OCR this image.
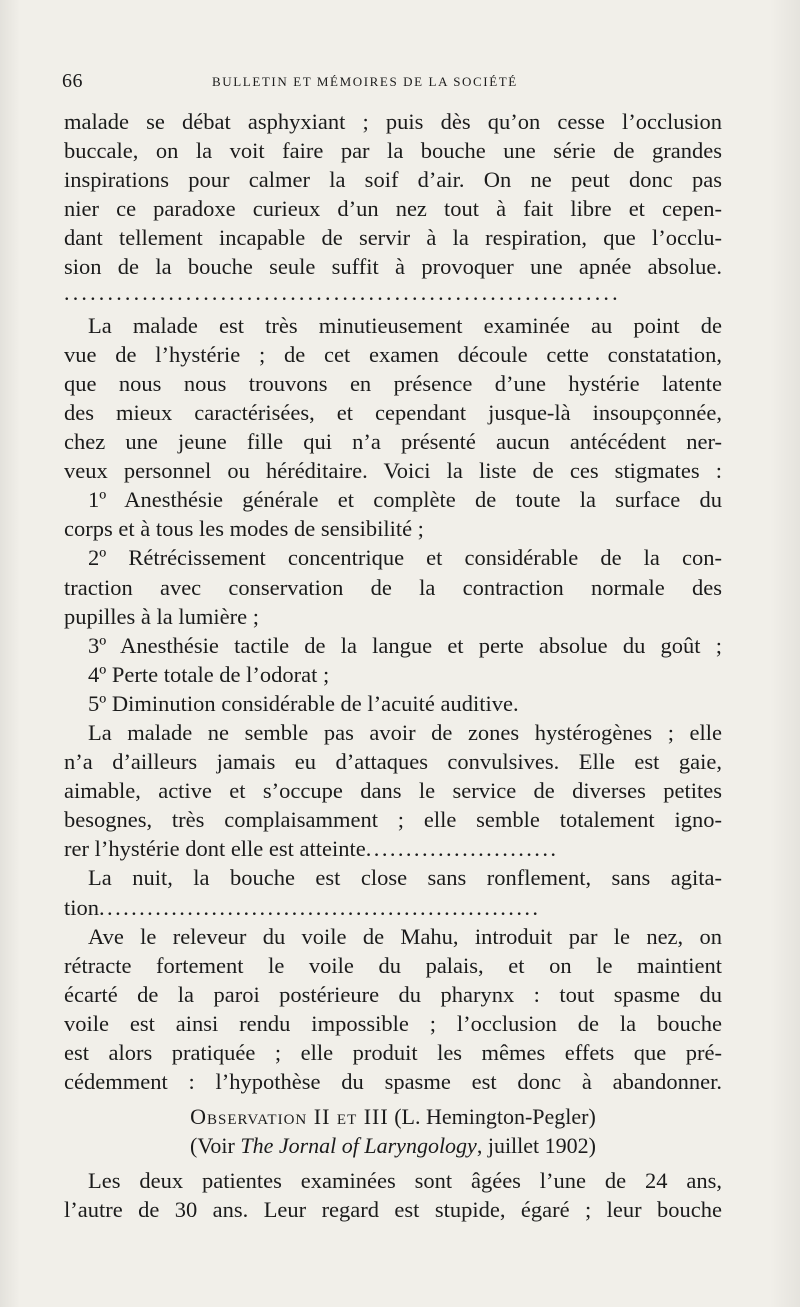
66	BULLETIN ET MÉMOIRES DE LA SOCIÉTÉ
malade se débat asphyxiant ; puis dès qu’on cesse l’occlusion
buccale, on la voit faire par la bouche une série de grandes
inspirations pour calmer la soif d’air. On ne peut donc pas
nier ce paradoxe curieux d’un nez tout à fait libre et cepen-
dant tellement incapable de servir à la respiration, que l’occlu-
sion de la bouche seule suffit à provoquer une apnée absolue.
................................................................
La malade est très minutieusement examinée au point de
vue de l’hystérie ; de cet examen découle cette constatation,
que nous nous trouvons en présence d’une hystérie latente
des mieux caractérisées, et cependant jusque-là insoupçonnée,
chez une jeune fille qui n’a présenté aucun antécédent ner-
veux personnel ou héréditaire. Voici la liste de ces stigmates :
1º Anesthésie générale et complète de toute la surface du
corps et à tous les modes de sensibilité ;
2º Rétrécissement concentrique et considérable de la con-
traction avec conservation de la contraction normale des
pupilles à la lumière ;
3º Anesthésie tactile de la langue et perte absolue du goût ;
4º Perte totale de l’odorat ;
5º Diminution considérable de l’acuité auditive.
La malade ne semble pas avoir de zones hystérogènes ; elle
n’a d’ailleurs jamais eu d’attaques convulsives. Elle est gaie,
aimable, active et s’occupe dans le service de diverses petites
besognes, très complaisamment ; elle semble totalement igno-
rer l’hystérie dont elle est atteinte........................
La nuit, la bouche est close sans ronflement, sans agita-
tion.......................................................
Ave le releveur du voile de Mahu, introduit par le nez, on
rétracte fortement le voile du palais, et on le maintient
écarté de la paroi postérieure du pharynx : tout spasme du
voile est ainsi rendu impossible ; l’occlusion de la bouche
est alors pratiquée ; elle produit les mêmes effets que pré-
cédemment : l’hypothèse du spasme est donc à abandonner.
Observation II et III (L. Hemington-Pegler)
(Voir The Jornal of Laryngology, juillet 1902)
Les deux patientes examinées sont âgées l’une de 24 ans,
l’autre de 30 ans. Leur regard est stupide, égaré ; leur bouche
